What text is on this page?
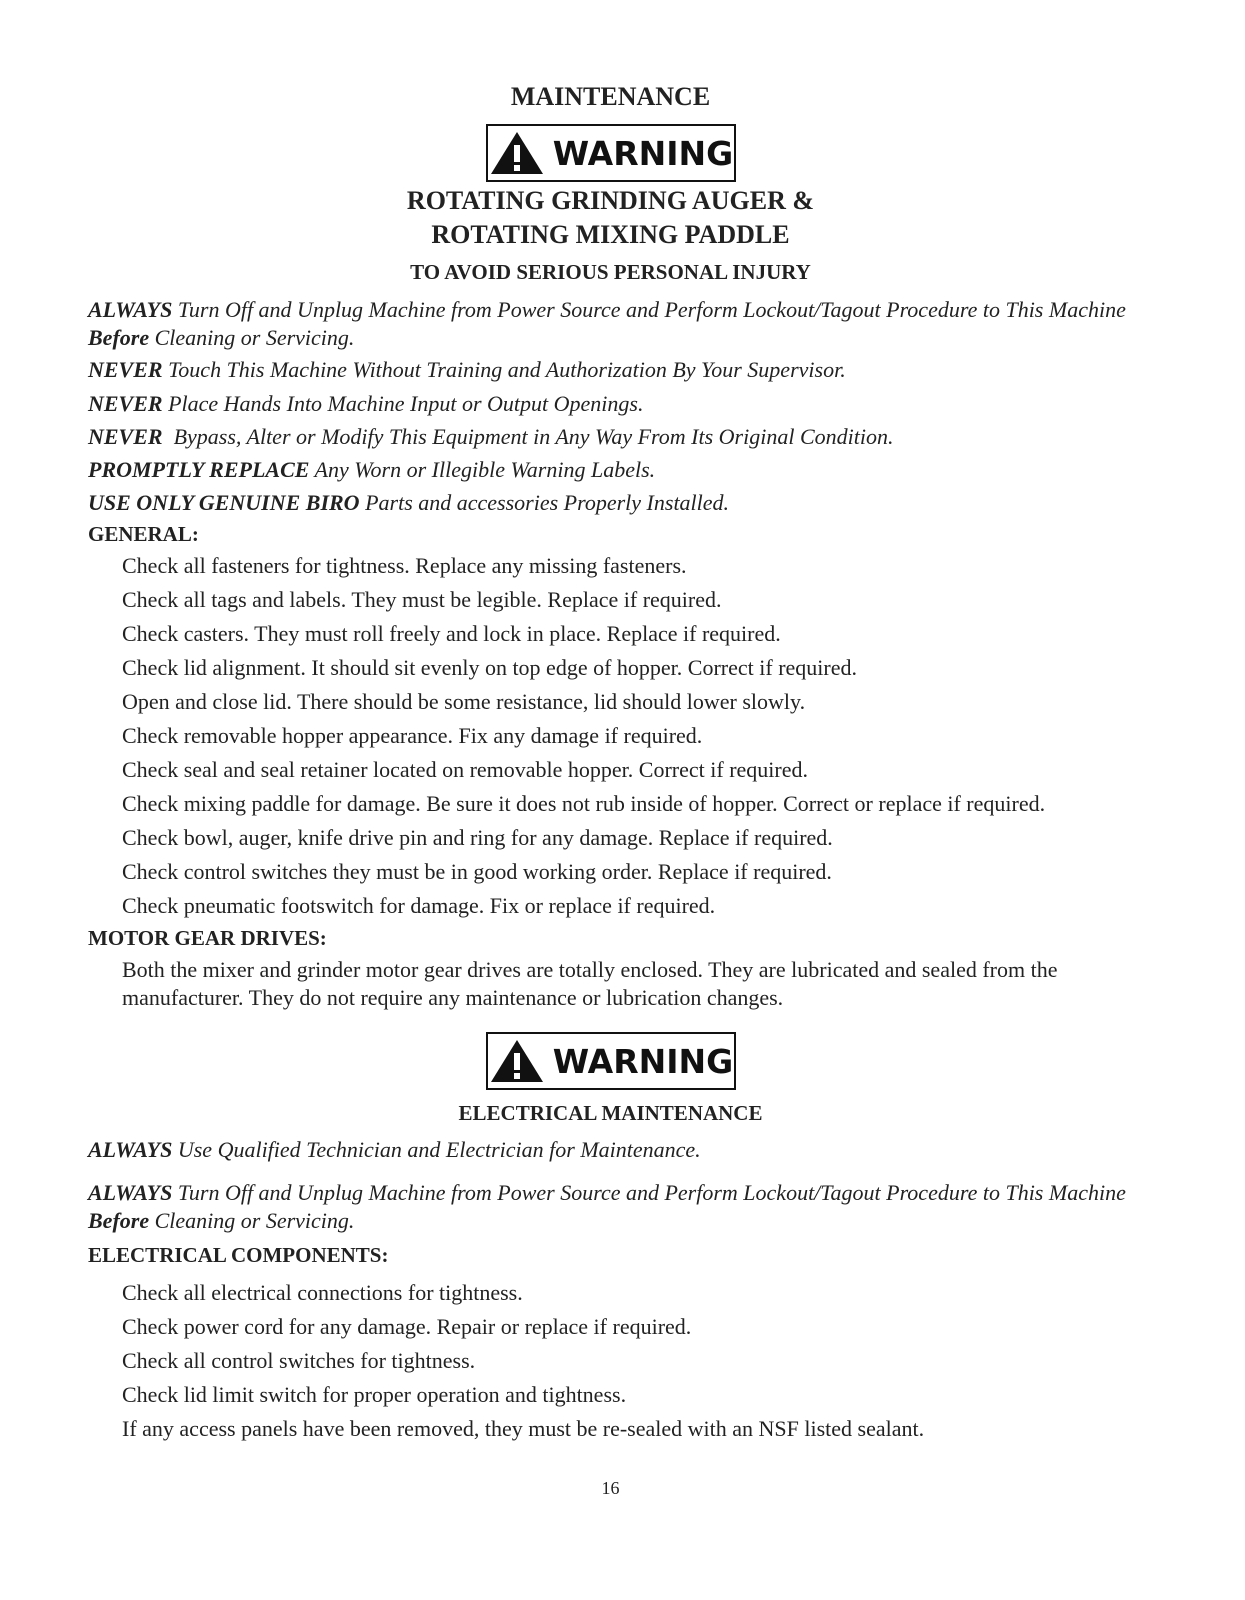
MAINTENANCE
WARNING
ROTATING GRINDING AUGER &
ROTATING MIXING PADDLE
TO AVOID SERIOUS PERSONAL INJURY
ALWAYS Turn Off and Unplug Machine from Power Source and Perform Lockout/Tagout Procedure to This Machine Before Cleaning or Servicing.
NEVER Touch This Machine Without Training and Authorization By Your Supervisor.
NEVER Place Hands Into Machine Input or Output Openings.
NEVER  Bypass, Alter or Modify This Equipment in Any Way From Its Original Condition.
PROMPTLY REPLACE Any Worn or Illegible Warning Labels.
USE ONLY GENUINE BIRO Parts and accessories Properly Installed.
GENERAL:
Check all fasteners for tightness. Replace any missing fasteners.
Check all tags and labels. They must be legible. Replace if required.
Check casters. They must roll freely and lock in place. Replace if required.
Check lid alignment. It should sit evenly on top edge of hopper. Correct if required.
Open and close lid. There should be some resistance, lid should lower slowly.
Check removable hopper appearance. Fix any damage if required.
Check seal and seal retainer located on removable hopper. Correct if required.
Check mixing paddle for damage. Be sure it does not rub inside of hopper. Correct or replace if required.
Check bowl, auger, knife drive pin and ring for any damage. Replace if required.
Check control switches they must be in good working order. Replace if required.
Check pneumatic footswitch for damage. Fix or replace if required.
MOTOR GEAR DRIVES:
Both the mixer and grinder motor gear drives are totally enclosed. They are lubricated and sealed from the manufacturer. They do not require any maintenance or lubrication changes.
WARNING
ELECTRICAL MAINTENANCE
ALWAYS Use Qualified Technician and Electrician for Maintenance.
ALWAYS Turn Off and Unplug Machine from Power Source and Perform Lockout/Tagout Procedure to This Machine Before Cleaning or Servicing.
ELECTRICAL COMPONENTS:
Check all electrical connections for tightness.
Check power cord for any damage. Repair or replace if required.
Check all control switches for tightness.
Check lid limit switch for proper operation and tightness.
If any access panels have been removed, they must be re-sealed with an NSF listed sealant.
16
